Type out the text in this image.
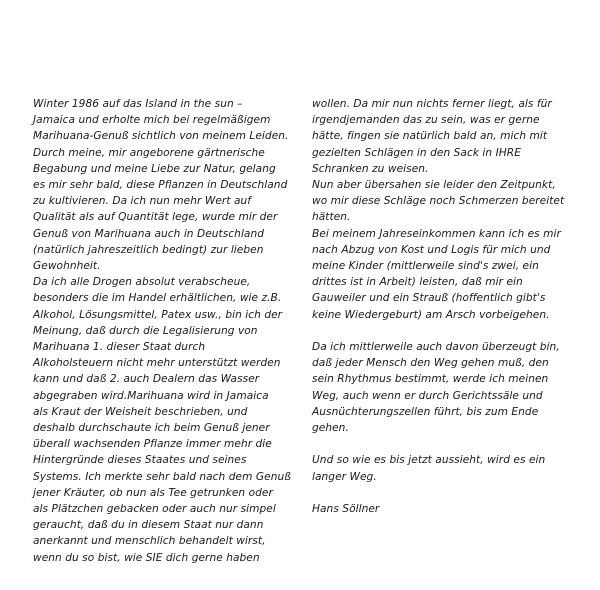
Winter 1986 auf das Island in the sun –
Jamaica und erholte mich bei regelmäßigem
Marihuana-Genuß sichtlich von meinem Leiden.
Durch meine, mir angeborene gärtnerische
Begabung und meine Liebe zur Natur, gelang
es mir sehr bald, diese Pflanzen in Deutschland
zu kultivieren. Da ich nun mehr Wert auf
Qualität als auf Quantität lege, wurde mir der
Genuß von Marihuana auch in Deutschland
(natürlich jahreszeitlich bedingt) zur lieben
Gewohnheit.
Da ich alle Drogen absolut verabscheue,
besonders die im Handel erhältlichen, wie z.B.
Alkohol, Lösungsmittel, Patex usw., bin ich der
Meinung, daß durch die Legalisierung von
Marihuana 1. dieser Staat durch
Alkoholsteuern nicht mehr unterstützt werden
kann und daß 2. auch Dealern das Wasser
abgegraben wird.Marihuana wird in Jamaica
als Kraut der Weisheit beschrieben, und
deshalb durchschaute ich beim Genuß jener
überall wachsenden Pflanze immer mehr die
Hintergründe dieses Staates und seines
Systems. Ich merkte sehr bald nach dem Genuß
jener Kräuter, ob nun als Tee getrunken oder
als Plätzchen gebacken oder auch nur simpel
geraucht, daß du in diesem Staat nur dann
anerkannt und menschlich behandelt wirst,
wenn du so bist, wie SIE dich gerne haben
wollen. Da mir nun nichts ferner liegt, als für
irgendjemanden das zu sein, was er gerne
hätte, fingen sie natürlich bald an, mich mit
gezielten Schlägen in den Sack in IHRE
Schranken zu weisen.
Nun aber übersahen sie leider den Zeitpunkt,
wo mir diese Schläge noch Schmerzen bereitet
hätten.
Bei meinem Jahreseinkommen kann ich es mir
nach Abzug von Kost und Logis für mich und
meine Kinder (mittlerweile sind's zwei, ein
drittes ist in Arbeit) leisten, daß mir ein
Gauweiler und ein Strauß (hoffentlich gibt's
keine Wiedergeburt) am Arsch vorbeigehen.
Da ich mittlerweile auch davon überzeugt bin,
daß jeder Mensch den Weg gehen muß, den
sein Rhythmus bestimmt, werde ich meinen
Weg, auch wenn er durch Gerichtssäle und
Ausnüchterungszellen führt, bis zum Ende
gehen.
Und so wie es bis jetzt aussieht, wird es ein
langer Weg.
Hans Söllner
